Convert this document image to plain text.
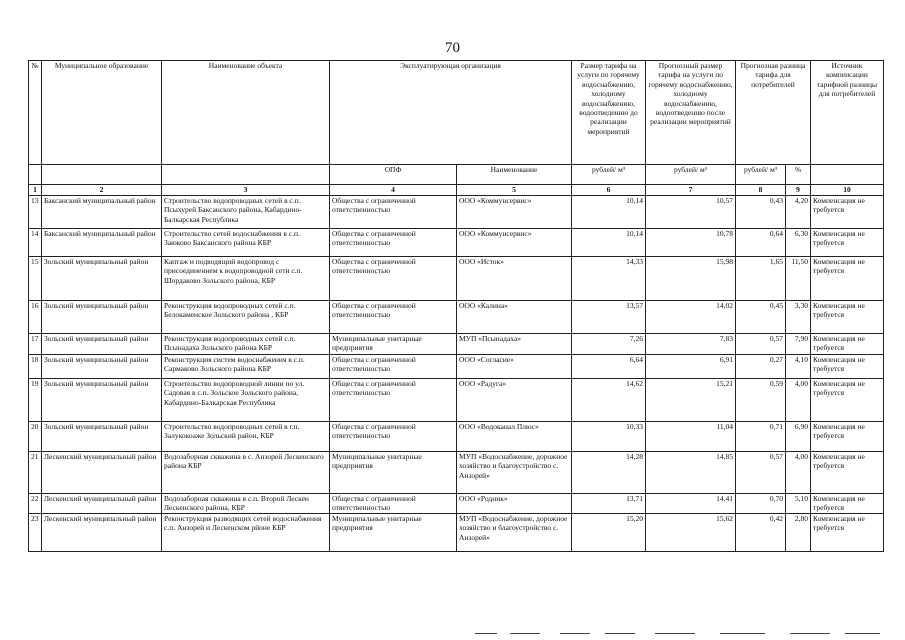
70
№	Муниципальное образование	Наименование объекта	Эксплуатирующая организация		Размер тарифа на услуги по горячему водоснабжению, холодному водоснабжению, водоотведению до реализации мероприятий	Прогнозный размер тарифа на услуги по горячему водоснабжению, холодному водоснабжению, водоотведению после реализации мероприятий	Прогнозная разница тарифа для потребителей		Источник компенсации тарифной разницы для потребителей
			ОПФ	Наименование	рублей/ м³	рублей/ м³	рублей/ м³	%	
1	2	3	4	5	6	7	8	9	10
13	Баксанский муниципальный район	Строительство водопроводных сетей в с.п. Псыхурей Баксанского района, Кабардино-Балкарская Республика	Общества с ограниченной ответственностью	ООО «Коммунсервис»	10,14	10,57	0,43	4,20	Компенсация не требуется
14	Баксанский муниципальный район	Строительство сетей водоснабжения в с.п. Заюково Баксанского района КБР	Общества с ограниченной ответственностью	ООО «Коммунсервис»	10,14	10,78	0,64	6,30	Компенсация не требуется
15	Зольский муниципальный район	Каптаж и подводящий водопровод с присоединением к водопроводной сети с.п. Шордаково Зольского района, КБР	Общества с ограниченной ответственностью	ООО «Исток»	14,33	15,98	1,65	11,50	Компенсация не требуется
16	Зольский муниципальный район	Реконструкция водопроводных сетей с.п. Белокаменское Зольского района , КБР	Общества с ограниченной ответственностью	ООО «Калина»	13,57	14,02	0,45	3,30	Компенсация не требуется
17	Зольский муниципальный район	Реконструкция водопроводных сетей с.п. Псынадаха Зольского района КБР	Муниципальные унитарные предприятия	МУП «Псынадаха»	7,26	7,83	0,57	7,90	Компенсация не требуется
18	Зольский муниципальный район	Реконструкция систем водоснабжения в с.п. Сармаково Зольского района КБР	Общества с ограниченной ответственностью	ООО «Согласие»	6,64	6,91	0,27	4,10	Компенсация не требуется
19	Зольский муниципальный район	Строительство водопроводной линии по ул. Садовая в с.п. Зольское Зольского района, Кабардино-Балкарская Республика	Общества с ограниченной ответственностью	ООО «Радуга»	14,62	15,21	0,59	4,00	Компенсация не требуется
20	Зольский муниципальный район	Строительство водопроводных сетей в г.п. Залукокоаже Зольский район, КБР	Общества с ограниченной ответственностью	ООО «Водоканал Плюс»	10,33	11,04	0,71	6,90	Компенсация не требуется
21	Лескенский муниципальный район	Водозаборная скважина в с. Анзорей Лескенского района КБР	Муниципальные унитарные предприятия	МУП «Водоснабжение, дорожное хозяйство и благоустройство с. Анзорей»	14,28	14,85	0,57	4,00	Компенсация не требуется
22	Лескенский муниципальный район	Водозаборная скважина в с.п. Второй Лескен Лескенского района, КБР	Общества с ограниченной ответственностью	ООО «Родник»	13,71	14,41	0,70	5,10	Компенсация не требуется
23	Лескенский муниципальный район	Реконструкция разводящих сетей водоснабжения с.п. Анзорей и Лескенском рйоне КБР	Муниципальные унитарные предприятия	МУП «Водоснабжение, дорожное хозяйство и благоустройство с. Анзорей»	15,20	15,62	0,42	2,80	Компенсация не требуется
